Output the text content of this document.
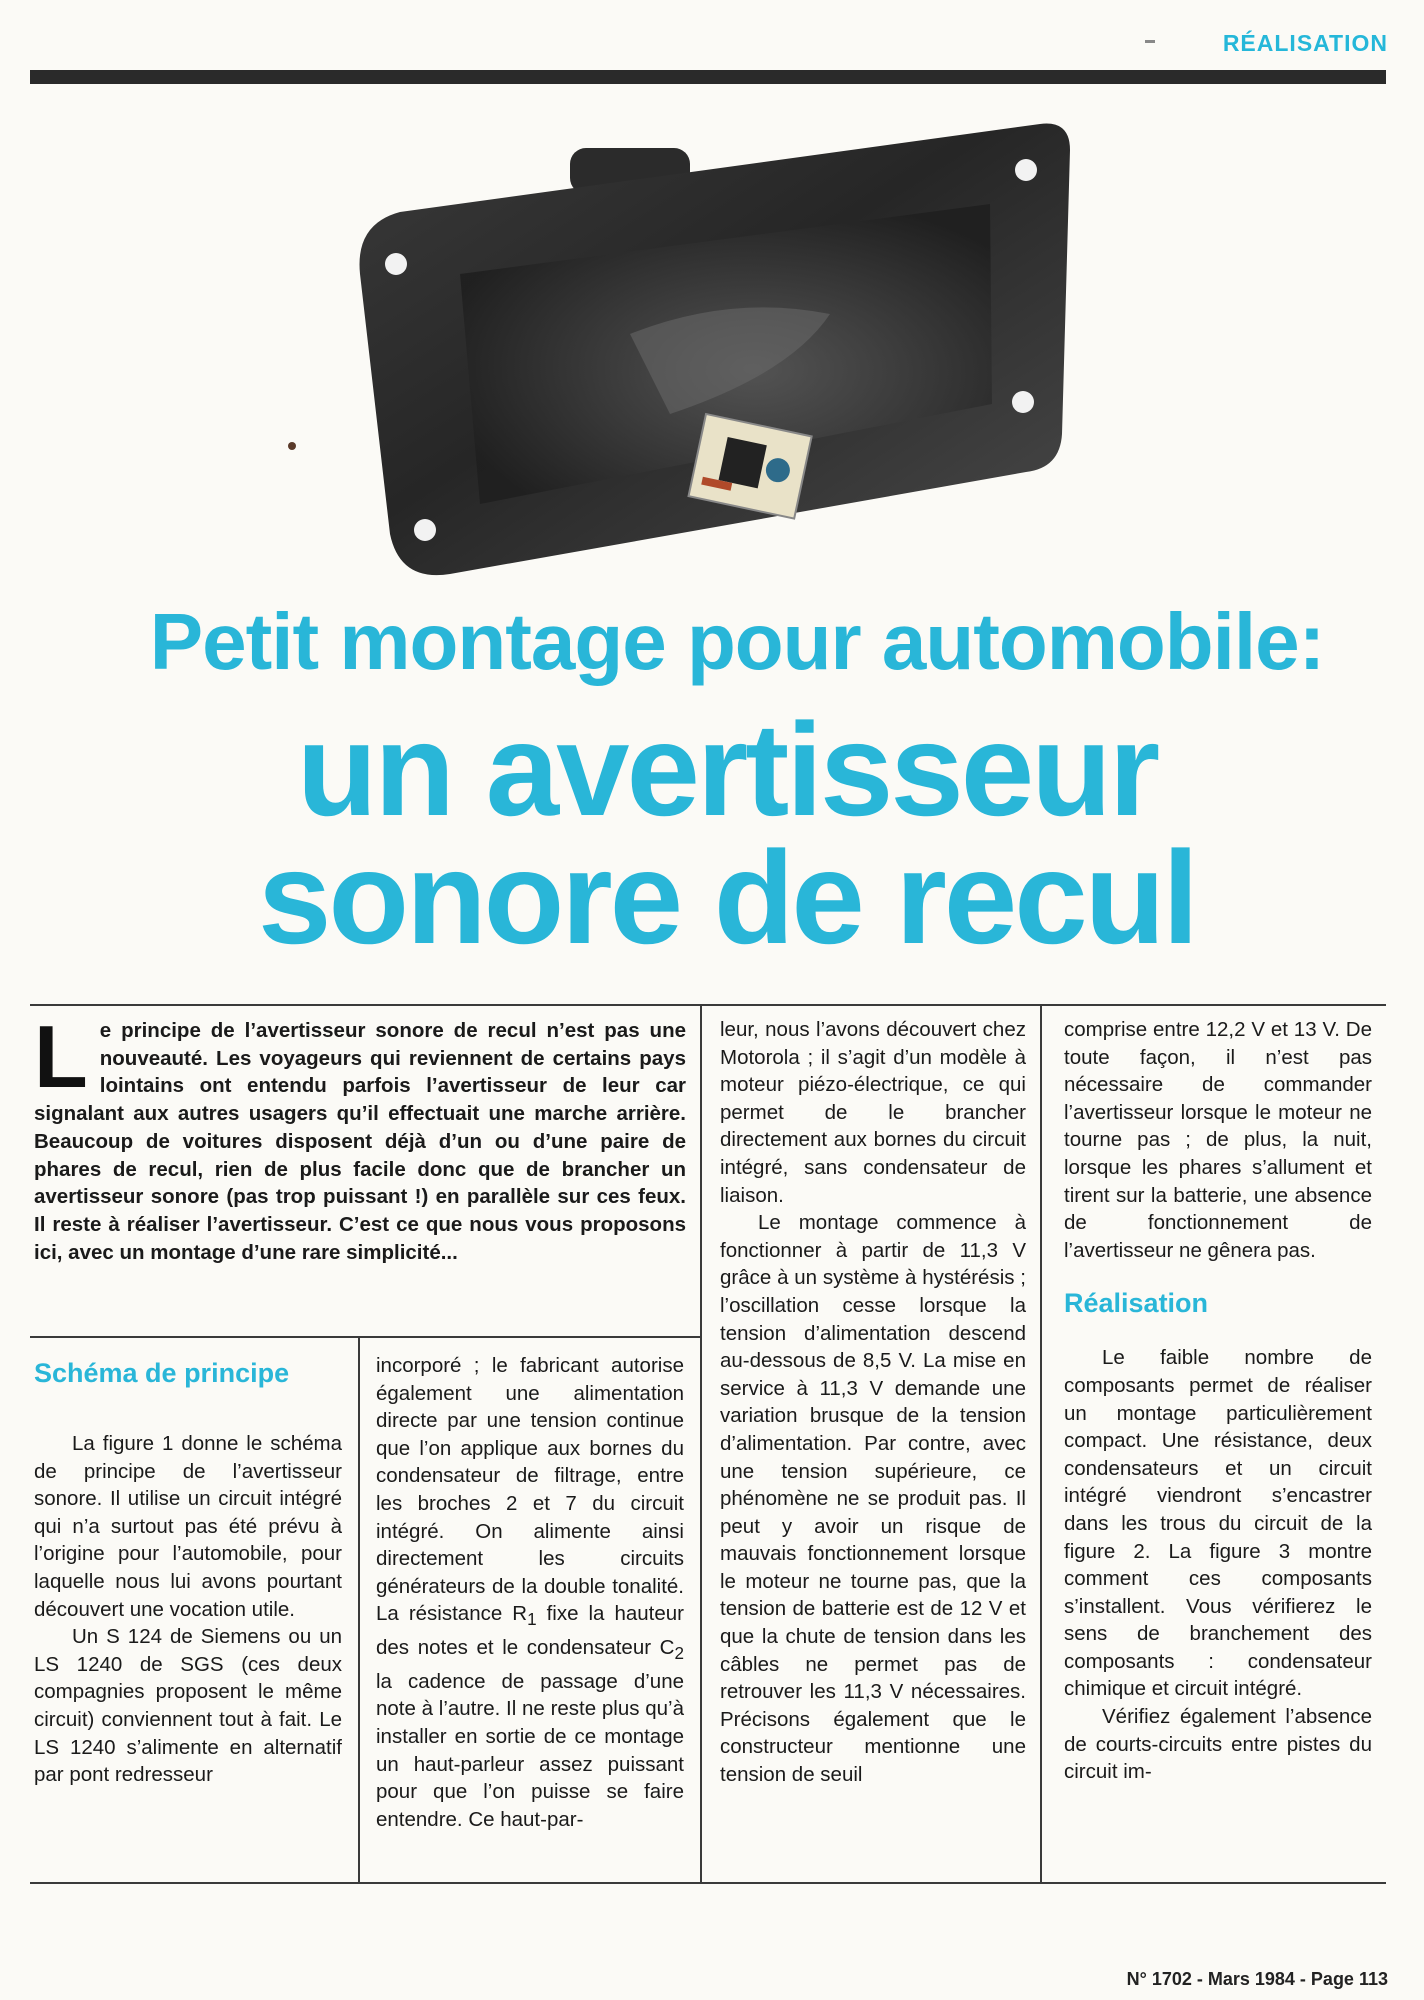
RÉALISATION
Petit montage pour automobile:
un avertisseur
sonore de recul
Le principe de l’avertisseur sonore de recul n’est pas une nouveauté. Les voyageurs qui reviennent de certains pays lointains ont entendu parfois l’avertisseur de leur car signalant aux autres usagers qu’il effectuait une marche arrière. Beaucoup de voitures disposent déjà d’un ou d’une paire de phares de recul, rien de plus facile donc que de brancher un avertisseur sonore (pas trop puissant !) en parallèle sur ces feux. Il reste à réaliser l’avertisseur. C’est ce que nous vous proposons ici, avec un montage d’une rare simplicité...

Schéma de principe

La figure 1 donne le schéma de principe de l’avertisseur sonore. Il utilise un circuit intégré qui n’a surtout pas été prévu à l’origine pour l’automobile, pour laquelle nous lui avons pourtant découvert une vocation utile.

Un S 124 de Siemens ou un LS 1240 de SGS (ces deux compagnies proposent le même circuit) conviennent tout à fait. Le LS 1240 s’alimente en alternatif par pont redresseur

incorporé ; le fabricant autorise également une alimentation directe par une tension continue que l’on applique aux bornes du condensateur de filtrage, entre les broches 2 et 7 du circuit intégré. On alimente ainsi directement les circuits générateurs de la double tonalité. La résistance $R_1$ fixe la hauteur des notes et le condensateur $C_2$ la cadence de passage d’une note à l’autre. Il ne reste plus qu’à installer en sortie de ce montage un haut-parleur assez puissant pour que l’on puisse se faire entendre. Ce haut-par-

leur, nous l’avons découvert chez Motorola ; il s’agit d’un modèle à moteur piézo-électrique, ce qui permet de le brancher directement aux bornes du circuit intégré, sans condensateur de liaison.

Le montage commence à fonctionner à partir de 11,3 V grâce à un système à hystérésis ; l’oscillation cesse lorsque la tension d’alimentation descend au-dessous de 8,5 V. La mise en service à 11,3 V demande une variation brusque de la tension d’alimentation. Par contre, avec une tension supérieure, ce phénomène ne se produit pas. Il peut y avoir un risque de mauvais fonctionnement lorsque le moteur ne tourne pas, que la tension de batterie est de 12 V et que la chute de tension dans les câbles ne permet pas de retrouver les 11,3 V nécessaires. Précisons également que le constructeur mentionne une tension de seuil

comprise entre 12,2 V et 13 V. De toute façon, il n’est pas nécessaire de commander l’avertisseur lorsque le moteur ne tourne pas ; de plus, la nuit, lorsque les phares s’allument et tirent sur la batterie, une absence de fonctionnement de l’avertisseur ne gênera pas.

Réalisation

Le faible nombre de composants permet de réaliser un montage particulièrement compact. Une résistance, deux condensateurs et un circuit intégré viendront s’encastrer dans les trous du circuit de la figure 2. La figure 3 montre comment ces composants s’installent. Vous vérifierez le sens de branchement des composants : condensateur chimique et circuit intégré.

Vérifiez également l’absence de courts-circuits entre pistes du circuit im-

N° 1702 - Mars 1984 - Page 113
